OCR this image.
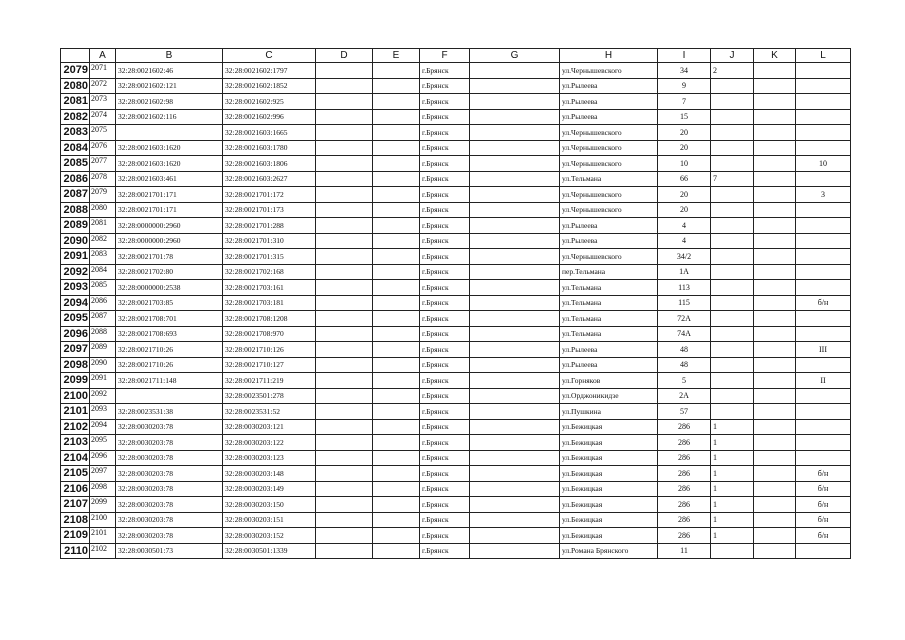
	A	B	C	D	E	F	G	H	I	J	K	L
2079	2071	32:28:0021602:46	32:28:0021602:1797			г.Брянск		ул.Чернышевского	34	2		
2080	2072	32:28:0021602:121	32:28:0021602:1852			г.Брянск		ул.Рылеева	9			
2081	2073	32:28:0021602:98	32:28:0021602:925			г.Брянск		ул.Рылеева	7			
2082	2074	32:28:0021602:116	32:28:0021602:996			г.Брянск		ул.Рылеева	15			
2083	2075		32:28:0021603:1665			г.Брянск		ул.Чернышевского	20			
2084	2076	32:28:0021603:1620	32:28:0021603:1780			г.Брянск		ул.Чернышевского	20			
2085	2077	32:28:0021603:1620	32:28:0021603:1806			г.Брянск		ул.Чернышевского	10			10
2086	2078	32:28:0021603:461	32:28:0021603:2627			г.Брянск		ул.Тельмана	66	7		
2087	2079	32:28:0021701:171	32:28:0021701:172			г.Брянск		ул.Чернышевского	20			3
2088	2080	32:28:0021701:171	32:28:0021701:173			г.Брянск		ул.Чернышевского	20			
2089	2081	32:28:0000000:2960	32:28:0021701:288			г.Брянск		ул.Рылеева	4			
2090	2082	32:28:0000000:2960	32:28:0021701:310			г.Брянск		ул.Рылеева	4			
2091	2083	32:28:0021701:78	32:28:0021701:315			г.Брянск		ул.Чернышевского	34/2			
2092	2084	32:28:0021702:80	32:28:0021702:168			г.Брянск		пер.Тельмана	1А			
2093	2085	32:28:0000000:2538	32:28:0021703:161			г.Брянск		ул.Тельмана	113			
2094	2086	32:28:0021703:85	32:28:0021703:181			г.Брянск		ул.Тельмана	115			б/н
2095	2087	32:28:0021708:701	32:28:0021708:1208			г.Брянск		ул.Тельмана	72А			
2096	2088	32:28:0021708:693	32:28:0021708:970			г.Брянск		ул.Тельмана	74А			
2097	2089	32:28:0021710:26	32:28:0021710:126			г.Брянск		ул.Рылеева	48			III
2098	2090	32:28:0021710:26	32:28:0021710:127			г.Брянск		ул.Рылеева	48			
2099	2091	32:28:0021711:148	32:28:0021711:219			г.Брянск		ул.Горняков	5			II
2100	2092		32:28:0023501:278			г.Брянск		ул.Орджоникидзе	2А			
2101	2093	32:28:0023531:38	32:28:0023531:52			г.Брянск		ул.Пушкина	57			
2102	2094	32:28:0030203:78	32:28:0030203:121			г.Брянск		ул.Бежицкая	286	1		
2103	2095	32:28:0030203:78	32:28:0030203:122			г.Брянск		ул.Бежицкая	286	1		
2104	2096	32:28:0030203:78	32:28:0030203:123			г.Брянск		ул.Бежицкая	286	1		
2105	2097	32:28:0030203:78	32:28:0030203:148			г.Брянск		ул.Бежицкая	286	1		б/н
2106	2098	32:28:0030203:78	32:28:0030203:149			г.Брянск		ул.Бежицкая	286	1		б/н
2107	2099	32:28:0030203:78	32:28:0030203:150			г.Брянск		ул.Бежицкая	286	1		б/н
2108	2100	32:28:0030203:78	32:28:0030203:151			г.Брянск		ул.Бежицкая	286	1		б/н
2109	2101	32:28:0030203:78	32:28:0030203:152			г.Брянск		ул.Бежицкая	286	1		б/н
2110	2102	32:28:0030501:73	32:28:0030501:1339			г.Брянск		ул.Романа Брянского	11			
